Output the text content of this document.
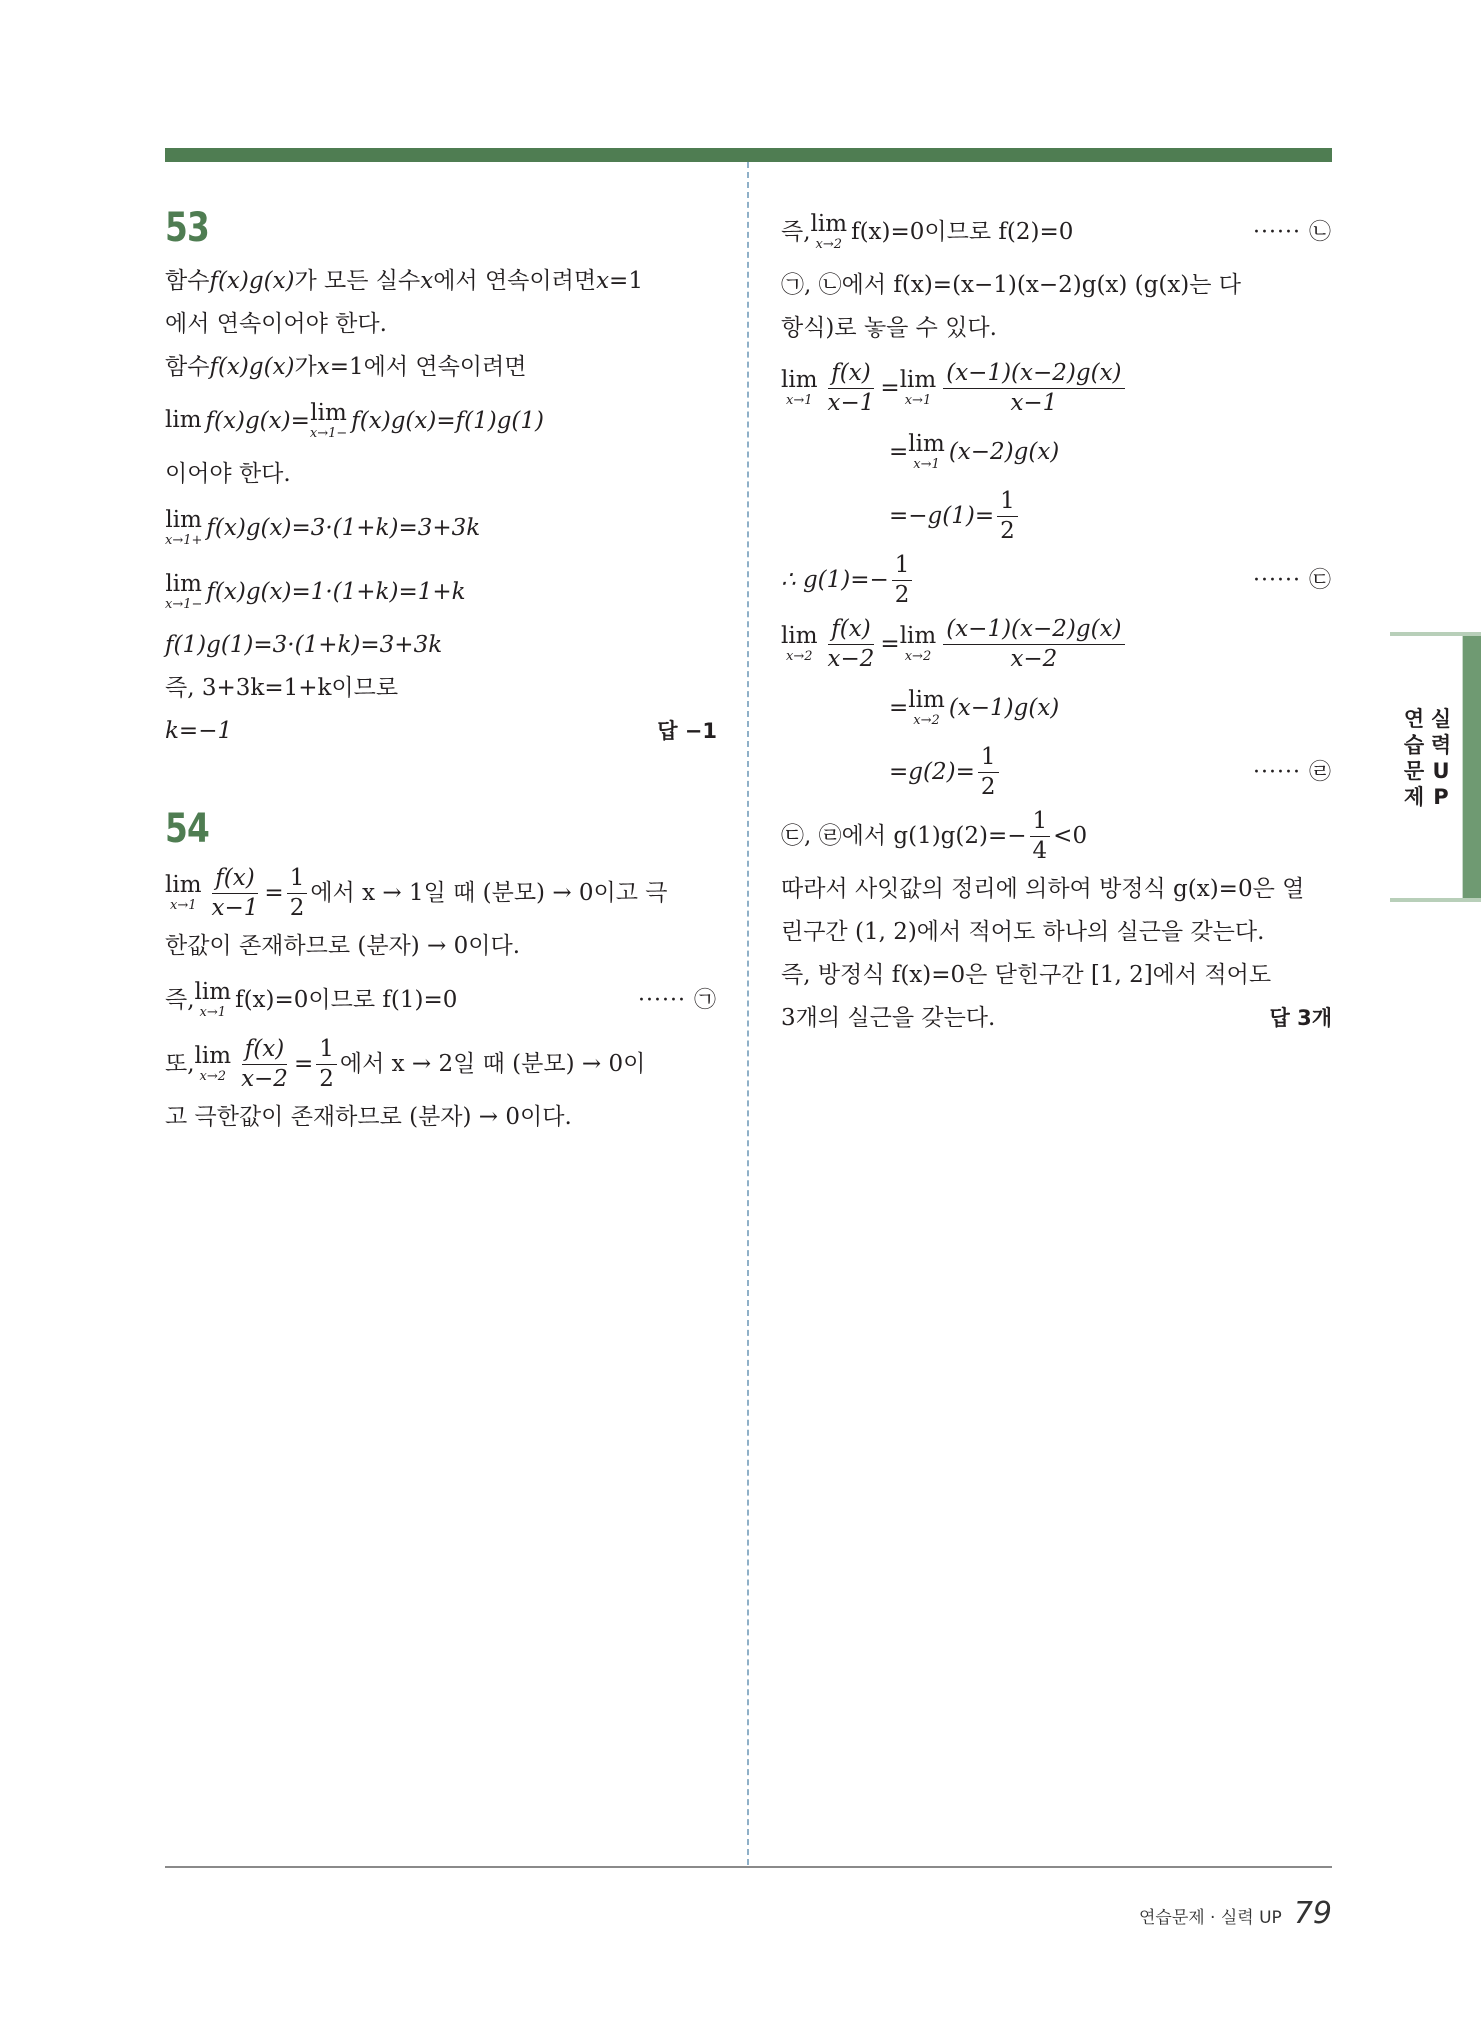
53
함수 f(x)g(x) 가 모든 실수 x 에서 연속이려면 x =1
에서 연속이어야 한다.
함수 f(x)g(x) 가 x =1에서 연속이려면
lim f(x)g(x)= lim
x→1− f(x)g(x)=f(1)g(1)
이어야 한다.
lim
x→1+ f(x)g(x)=3·(1+k)=3+3k
lim
x→1− f(x)g(x)=1·(1+k)=1+k
f(1)g(1)=3·(1+k)=3+3k
즉, 3+3k=1+k이므로
k=−1	답 −1
54
lim
$x\to 1 \frac{f(x)}{x-1} = \frac{1}{2}$ 에서 x → 1일 때 (분모) → 0이고 극
한값이 존재하므로 (분자) → 0이다.
즉, lim
x→1 f(x)=0이므로 f(1)=0	······ ㉠
또, lim
$x\to 2 \frac{f(x)}{x-2} = \frac{1}{2}$ 에서 x → 2일 때 (분모) → 0이
고 극한값이 존재하므로 (분자) → 0이다.
즉, lim
x→2 f(x)=0이므로 f(2)=0	······ ㉡
㉠, ㉡에서 f(x)=(x−1)(x−2)g(x) (g(x)는 다
항식)로 놓을 수 있다.
lim
$x\to 1 \frac{f(x)}{x-1} = \lim$
$x\to 1 \frac{(x-1)(x-2)g(x)}{x-1}$
= lim
x→1 (x−2)g(x)
$=-g(1)= \frac{1}{2}$
∴ $g(1)=- \frac{1}{2}$	······ ㉢
lim
$x\to 2 \frac{f(x)}{x-2} = \lim$
$x\to 2 \frac{(x-1)(x-2)g(x)}{x-2}$
= lim
x→2 (x−1)g(x)
$=g(2)= \frac{1}{2}$	······ ㉣
㉢, ㉣에서 $g(1)g(2)=- \frac{1}{4} <0$
따라서 사잇값의 정리에 의하여 방정식 g(x)=0은 열
린구간 (1, 2)에서 적어도 하나의 실근을 갖는다.
즉, 방정식 f(x)=0은 닫힌구간 [1, 2]에서 적어도
3개의 실근을 갖는다.	답 3개
연
습
문
제
실
력
U
P
연습문제 · 실력 UP 79
